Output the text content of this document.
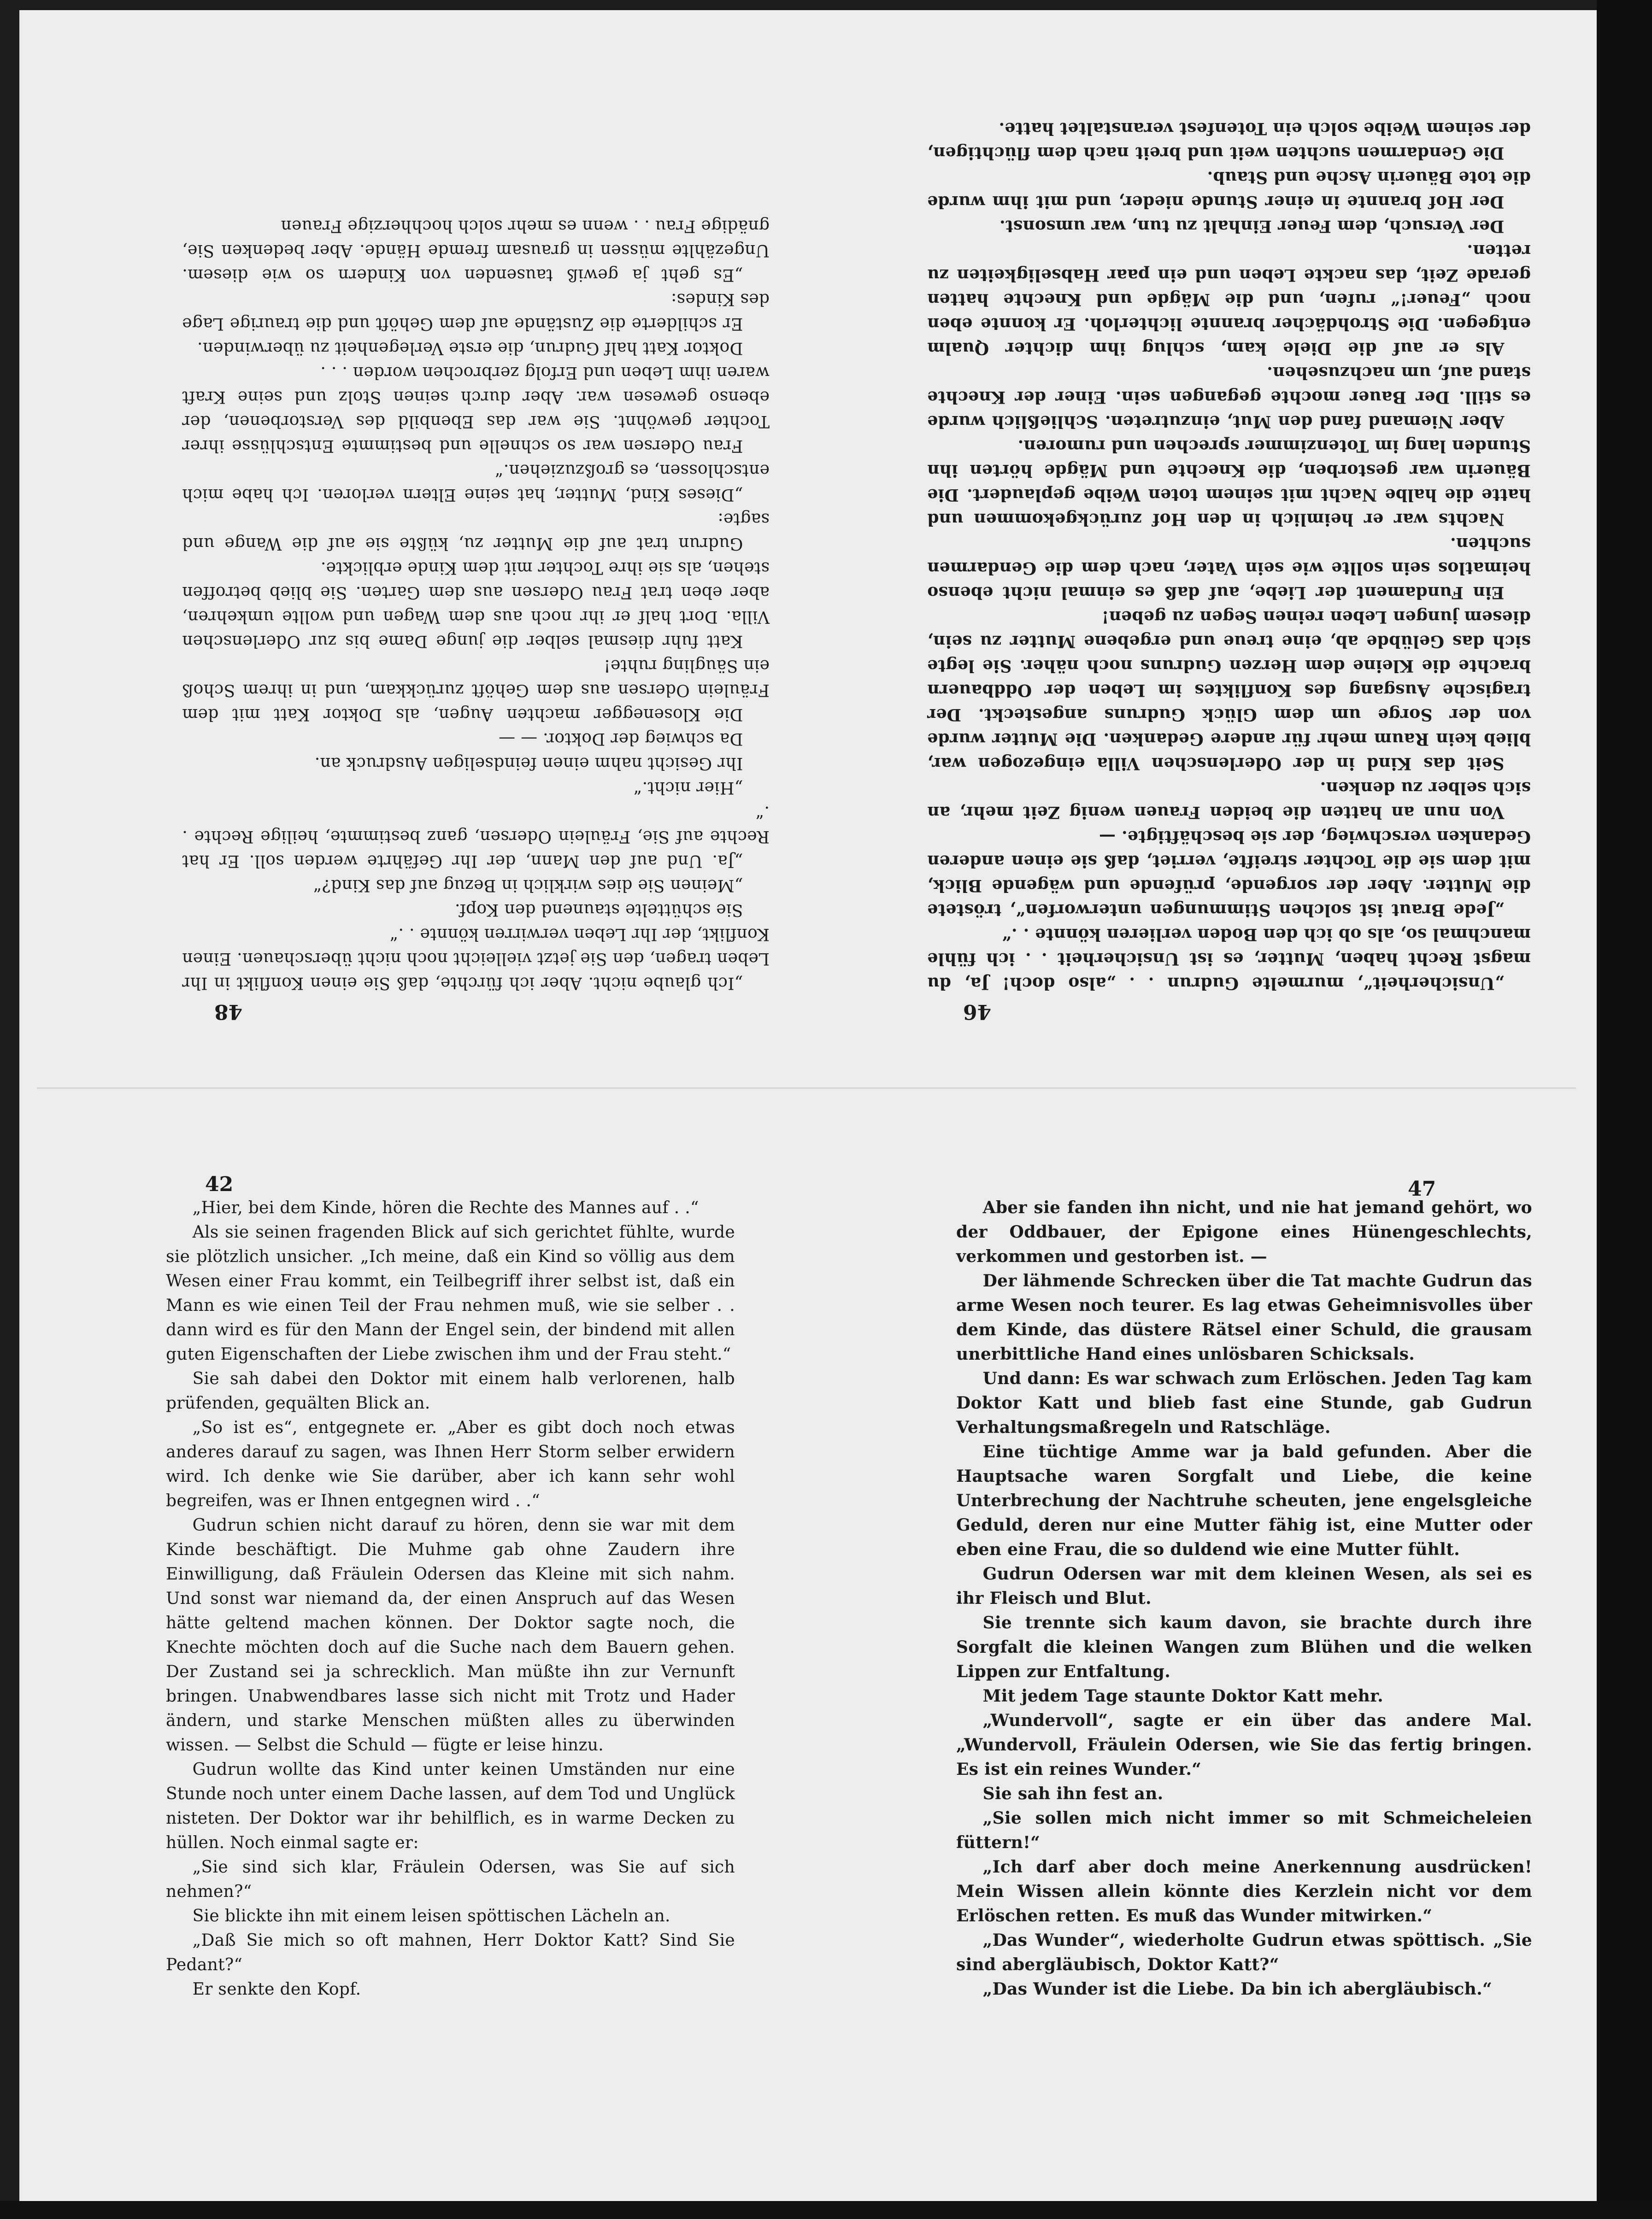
48

„Ich glaube nicht. Aber ich fürchte, daß Sie einen Konflikt in Ihr Leben tragen, den Sie jetzt vielleicht noch nicht überschauen. Einen Konflikt, der Ihr Leben verwirren könnte . .“

Sie schüttelte staunend den Kopf.

„Meinen Sie dies wirklich in Bezug auf das Kind?“

„Ja. Und auf den Mann, der Ihr Gefährte werden soll. Er hat Rechte auf Sie, Fräulein Odersen, ganz bestimmte, heilige Rechte . .“

„Hier nicht.“

Ihr Gesicht nahm einen feindseligen Ausdruck an.

Da schwieg der Doktor. — —

Die Klosenegger machten Augen, als Doktor Katt mit dem Fräulein Odersen aus dem Gehöft zurückkam, und in ihrem Schoß ein Säugling ruhte!

Katt fuhr diesmal selber die junge Dame bis zur Oderlenschen Villa. Dort half er ihr noch aus dem Wagen und wollte umkehren, aber eben trat Frau Odersen aus dem Garten. Sie blieb betroffen stehen, als sie ihre Tochter mit dem Kinde erblickte.

Gudrun trat auf die Mutter zu, küßte sie auf die Wange und sagte:

„Dieses Kind, Mutter, hat seine Eltern verloren. Ich habe mich entschlossen, es großzuziehen.“

Frau Odersen war so schnelle und bestimmte Entschlüsse ihrer Tochter gewöhnt. Sie war das Ebenbild des Verstorbenen, der ebenso gewesen war. Aber durch seinen Stolz und seine Kraft waren ihm Leben und Erfolg zerbrochen worden . . .

Doktor Katt half Gudrun, die erste Verlegenheit zu überwinden.

Er schilderte die Zustände auf dem Gehöft und die traurige Lage des Kindes:

„Es geht ja gewiß tausenden von Kindern so wie diesem. Ungezählte müssen in grausam fremde Hände. Aber bedenken Sie, gnädige Frau . . wenn es mehr solch hochherzige Frauen

46

„Unsicherheit“, murmelte Gudrun . . „also doch! Ja, du magst Recht haben, Mutter, es ist Unsicherheit . . ich fühle manchmal so, als ob ich den Boden verlieren könnte . .“

„Jede Braut ist solchen Stimmungen unterworfen“, tröstete die Mutter. Aber der sorgende, prüfende und wägende Blick, mit dem sie die Tochter streifte, verriet, daß sie einen anderen Gedanken verschwieg, der sie beschäftigte. —

Von nun an hatten die beiden Frauen wenig Zeit mehr, an sich selber zu denken.

Seit das Kind in der Oderlenschen Villa eingezogen war, blieb kein Raum mehr für andere Gedanken. Die Mutter wurde von der Sorge um dem Glück Gudruns angesteckt. Der tragische Ausgang des Konfliktes im Leben der Oddbauern brachte die Kleine dem Herzen Gudruns noch näher. Sie legte sich das Gelübde ab, eine treue und ergebene Mutter zu sein, diesem jungen Leben reinen Segen zu geben!

Ein Fundament der Liebe, auf daß es einmal nicht ebenso heimatlos sein sollte wie sein Vater, nach dem die Gendarmen suchten.

Nachts war er heimlich in den Hof zurückgekommen und hatte die halbe Nacht mit seinem toten Weibe geplaudert. Die Bäuerin war gestorben, die Knechte und Mägde hörten ihn Stunden lang im Totenzimmer sprechen und rumoren.

Aber Niemand fand den Mut, einzutreten. Schließlich wurde es still. Der Bauer mochte gegangen sein. Einer der Knechte stand auf, um nachzusehen.

Als er auf die Diele kam, schlug ihm dichter Qualm entgegen. Die Strohdächer brannte lichterloh. Er konnte eben noch „Feuer!“ rufen, und die Mägde und Knechte hatten gerade Zeit, das nackte Leben und ein paar Habseligkeiten zu retten.

Der Versuch, dem Feuer Einhalt zu tun, war umsonst.

Der Hof brannte in einer Stunde nieder, und mit ihm wurde die tote Bäuerin Asche und Staub.

Die Gendarmen suchten weit und breit nach dem flüchtigen, der seinem Weibe solch ein Totenfest veranstaltet hatte.

42

„Hier, bei dem Kinde, hören die Rechte des Mannes auf . .“

Als sie seinen fragenden Blick auf sich gerichtet fühlte, wurde sie plötzlich unsicher. „Ich meine, daß ein Kind so völlig aus dem Wesen einer Frau kommt, ein Teilbegriff ihrer selbst ist, daß ein Mann es wie einen Teil der Frau nehmen muß, wie sie selber . . dann wird es für den Mann der Engel sein, der bindend mit allen guten Eigenschaften der Liebe zwischen ihm und der Frau steht.“

Sie sah dabei den Doktor mit einem halb verlorenen, halb prüfenden, gequälten Blick an.

„So ist es“, entgegnete er. „Aber es gibt doch noch etwas anderes darauf zu sagen, was Ihnen Herr Storm selber erwidern wird. Ich denke wie Sie darüber, aber ich kann sehr wohl begreifen, was er Ihnen entgegnen wird . .“

Gudrun schien nicht darauf zu hören, denn sie war mit dem Kinde beschäftigt. Die Muhme gab ohne Zaudern ihre Einwilligung, daß Fräulein Odersen das Kleine mit sich nahm. Und sonst war niemand da, der einen Anspruch auf das Wesen hätte geltend machen können. Der Doktor sagte noch, die Knechte möchten doch auf die Suche nach dem Bauern gehen. Der Zustand sei ja schrecklich. Man müßte ihn zur Vernunft bringen. Unabwendbares lasse sich nicht mit Trotz und Hader ändern, und starke Menschen müßten alles zu überwinden wissen. — Selbst die Schuld — fügte er leise hinzu.

Gudrun wollte das Kind unter keinen Umständen nur eine Stunde noch unter einem Dache lassen, auf dem Tod und Unglück nisteten. Der Doktor war ihr behilflich, es in warme Decken zu hüllen. Noch einmal sagte er:

„Sie sind sich klar, Fräulein Odersen, was Sie auf sich nehmen?“

Sie blickte ihn mit einem leisen spöttischen Lächeln an.

„Daß Sie mich so oft mahnen, Herr Doktor Katt? Sind Sie Pedant?“

Er senkte den Kopf.

47

Aber sie fanden ihn nicht, und nie hat jemand gehört, wo der Oddbauer, der Epigone eines Hünengeschlechts, verkommen und gestorben ist. —

Der lähmende Schrecken über die Tat machte Gudrun das arme Wesen noch teurer. Es lag etwas Geheimnisvolles über dem Kinde, das düstere Rätsel einer Schuld, die grausam unerbittliche Hand eines unlösbaren Schicksals.

Und dann: Es war schwach zum Erlöschen. Jeden Tag kam Doktor Katt und blieb fast eine Stunde, gab Gudrun Verhaltungsmaßregeln und Ratschläge.

Eine tüchtige Amme war ja bald gefunden. Aber die Hauptsache waren Sorgfalt und Liebe, die keine Unterbrechung der Nachtruhe scheuten, jene engelsgleiche Geduld, deren nur eine Mutter fähig ist, eine Mutter oder eben eine Frau, die so duldend wie eine Mutter fühlt.

Gudrun Odersen war mit dem kleinen Wesen, als sei es ihr Fleisch und Blut.

Sie trennte sich kaum davon, sie brachte durch ihre Sorgfalt die kleinen Wangen zum Blühen und die welken Lippen zur Entfaltung.

Mit jedem Tage staunte Doktor Katt mehr.

„Wundervoll“, sagte er ein über das andere Mal. „Wundervoll, Fräulein Odersen, wie Sie das fertig bringen. Es ist ein reines Wunder.“

Sie sah ihn fest an.

„Sie sollen mich nicht immer so mit Schmeicheleien füttern!“

„Ich darf aber doch meine Anerkennung ausdrücken! Mein Wissen allein könnte dies Kerzlein nicht vor dem Erlöschen retten. Es muß das Wunder mitwirken.“

„Das Wunder“, wiederholte Gudrun etwas spöttisch. „Sie sind abergläubisch, Doktor Katt?“

„Das Wunder ist die Liebe. Da bin ich abergläubisch.“
